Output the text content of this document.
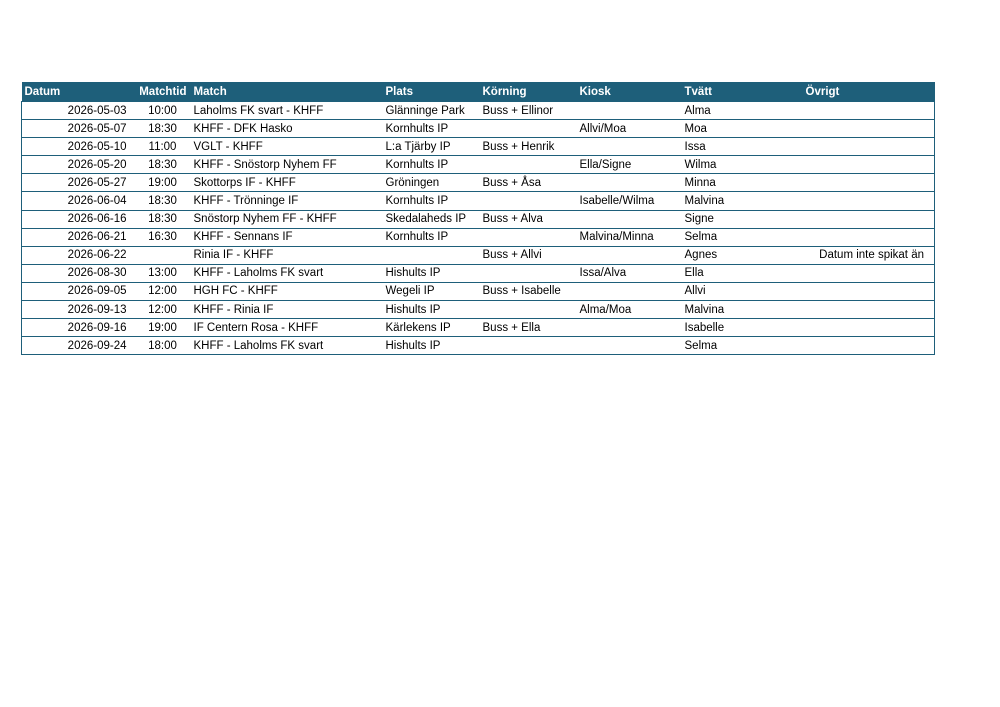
Datum	Matchtid	Match	Plats	Körning	Kiosk	Tvätt	Övrigt
2026-05-03	10:00	Laholms FK svart - KHFF	Glänninge Park	Buss + Ellinor		Alma	
2026-05-07	18:30	KHFF - DFK Hasko	Kornhults IP		Allvi/Moa	Moa	
2026-05-10	11:00	VGLT - KHFF	L:a Tjärby IP	Buss + Henrik		Issa	
2026-05-20	18:30	KHFF - Snöstorp Nyhem FF	Kornhults IP		Ella/Signe	Wilma	
2026-05-27	19:00	Skottorps IF - KHFF	Gröningen	Buss + Åsa		Minna	
2026-06-04	18:30	KHFF - Trönninge IF	Kornhults IP		Isabelle/Wilma	Malvina	
2026-06-16	18:30	Snöstorp Nyhem FF - KHFF	Skedalaheds IP	Buss + Alva		Signe	
2026-06-21	16:30	KHFF - Sennans IF	Kornhults IP		Malvina/Minna	Selma	
2026-06-22		Rinia IF - KHFF		Buss + Allvi		Agnes	Datum inte spikat än
2026-08-30	13:00	KHFF - Laholms FK svart	Hishults IP		Issa/Alva	Ella	
2026-09-05	12:00	HGH FC - KHFF	Wegeli IP	Buss + Isabelle		Allvi	
2026-09-13	12:00	KHFF - Rinia IF	Hishults IP		Alma/Moa	Malvina	
2026-09-16	19:00	IF Centern Rosa - KHFF	Kärlekens IP	Buss + Ella		Isabelle	
2026-09-24	18:00	KHFF - Laholms FK svart	Hishults IP			Selma	
